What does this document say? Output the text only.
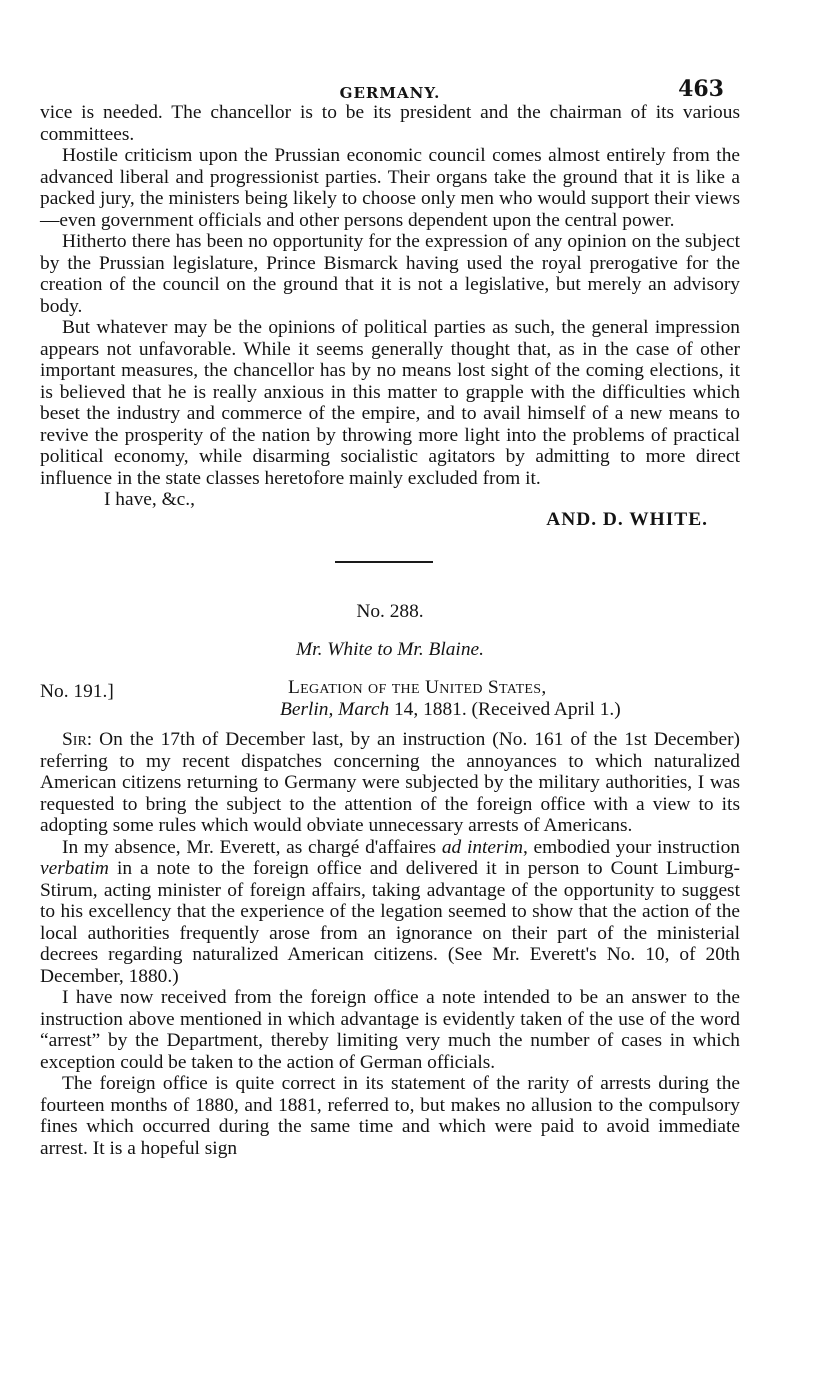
GERMANY.	463

vice is needed. The chancellor is to be its president and the chairman of its various committees.

Hostile criticism upon the Prussian economic council comes almost entirely from the advanced liberal and progressionist parties. Their organs take the ground that it is like a packed jury, the ministers being likely to choose only men who would support their views—even government officials and other persons dependent upon the central power.

Hitherto there has been no opportunity for the expression of any opinion on the subject by the Prussian legislature, Prince Bismarck having used the royal prerogative for the creation of the council on the ground that it is not a legislative, but merely an advisory body.

But whatever may be the opinions of political parties as such, the general impression appears not unfavorable. While it seems generally thought that, as in the case of other important measures, the chancellor has by no means lost sight of the coming elections, it is believed that he is really anxious in this matter to grapple with the difficulties which beset the industry and commerce of the empire, and to avail himself of a new means to revive the prosperity of the nation by throwing more light into the problems of practical political economy, while disarming socialistic agitators by admitting to more direct influence in the state classes heretofore mainly excluded from it.

I have, &c.,
AND. D. WHITE.
No. 288.
Mr. White to Mr. Blaine.
No. 191.]	Legation of the United States,
Berlin, March 14, 1881. (Received April 1.)

Sir: On the 17th of December last, by an instruction (No. 161 of the 1st December) referring to my recent dispatches concerning the annoyances to which naturalized American citizens returning to Germany were subjected by the military authorities, I was requested to bring the subject to the attention of the foreign office with a view to its adopting some rules which would obviate unnecessary arrests of Americans.

In my absence, Mr. Everett, as chargé d'affaires ad interim, embodied your instruction verbatim in a note to the foreign office and delivered it in person to Count Limburg-Stirum, acting minister of foreign affairs, taking advantage of the opportunity to suggest to his excellency that the experience of the legation seemed to show that the action of the local authorities frequently arose from an ignorance on their part of the ministerial decrees regarding naturalized American citizens. (See Mr. Everett's No. 10, of 20th December, 1880.)

I have now received from the foreign office a note intended to be an answer to the instruction above mentioned in which advantage is evidently taken of the use of the word “arrest” by the Department, thereby limiting very much the number of cases in which exception could be taken to the action of German officials.

The foreign office is quite correct in its statement of the rarity of arrests during the fourteen months of 1880, and 1881, referred to, but makes no allusion to the compulsory fines which occurred during the same time and which were paid to avoid immediate arrest. It is a hopeful sign
